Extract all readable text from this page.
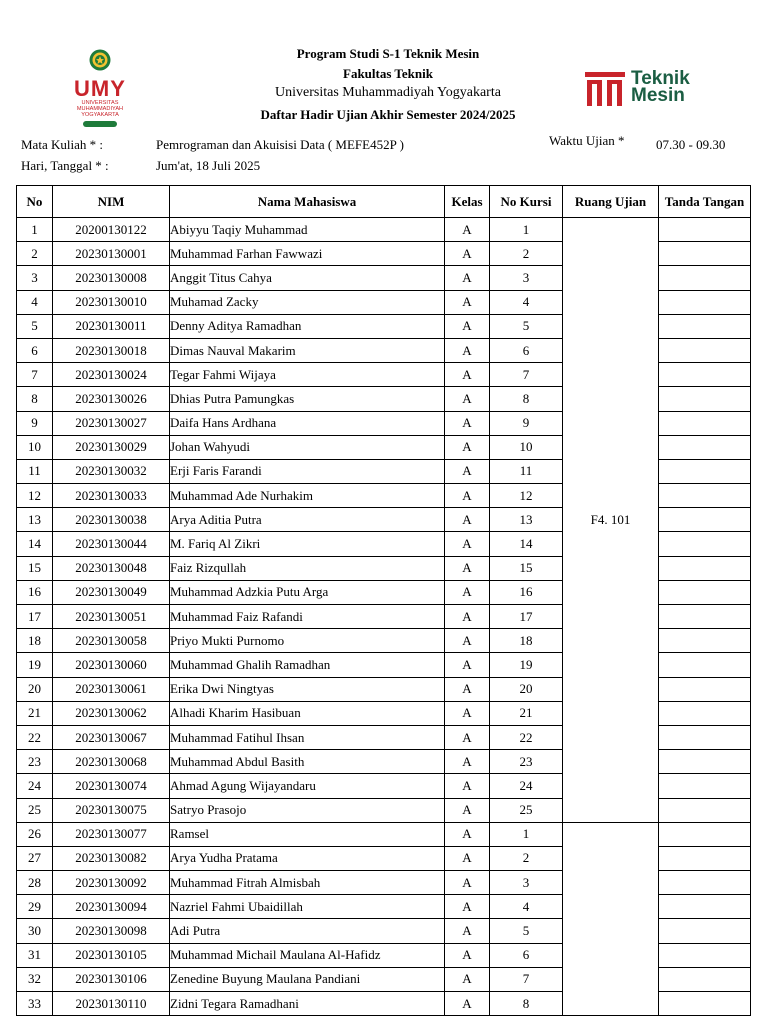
UMY
UNIVERSITAS
MUHAMMADIYAH
YOGYAKARTA
Program Studi S-1 Teknik Mesin
Fakultas Teknik
Universitas Muhammadiyah Yogyakarta
Daftar Hadir Ujian Akhir Semester 2024/2025
Teknik
Mesin
Mata Kuliah * :	Pemrograman dan Akuisisi Data ( MEFE452P )
Hari, Tanggal * :	Jum'at, 18 Juli 2025
Waktu Ujian * 07.30 - 09.30
No	NIM	Nama Mahasiswa	Kelas	No Kursi	Ruang Ujian	Tanda Tangan
1	20200130122	Abiyyu Taqiy Muhammad	A	1	F4. 101	
2	20230130001	Muhammad Farhan Fawwazi	A	2		
3	20230130008	Anggit Titus Cahya	A	3		
4	20230130010	Muhamad Zacky	A	4		
5	20230130011	Denny Aditya Ramadhan	A	5		
6	20230130018	Dimas Nauval Makarim	A	6		
7	20230130024	Tegar Fahmi Wijaya	A	7		
8	20230130026	Dhias Putra Pamungkas	A	8		
9	20230130027	Daifa Hans Ardhana	A	9		
10	20230130029	Johan Wahyudi	A	10		
11	20230130032	Erji Faris Farandi	A	11		
12	20230130033	Muhammad Ade Nurhakim	A	12		
13	20230130038	Arya Aditia Putra	A	13		
14	20230130044	M. Fariq Al Zikri	A	14		
15	20230130048	Faiz Rizqullah	A	15		
16	20230130049	Muhammad Adzkia Putu Arga	A	16		
17	20230130051	Muhammad Faiz Rafandi	A	17		
18	20230130058	Priyo Mukti Purnomo	A	18		
19	20230130060	Muhammad Ghalih Ramadhan	A	19		
20	20230130061	Erika Dwi Ningtyas	A	20		
21	20230130062	Alhadi Kharim Hasibuan	A	21		
22	20230130067	Muhammad Fatihul Ihsan	A	22		
23	20230130068	Muhammad Abdul Basith	A	23		
24	20230130074	Ahmad Agung Wijayandaru	A	24		
25	20230130075	Satryo Prasojo	A	25		
26	20230130077	Ramsel	A	1		
27	20230130082	Arya Yudha Pratama	A	2		
28	20230130092	Muhammad Fitrah Almisbah	A	3		
29	20230130094	Nazriel Fahmi Ubaidillah	A	4		
30	20230130098	Adi Putra	A	5		
31	20230130105	Muhammad Michail Maulana Al-Hafidz	A	6		
32	20230130106	Zenedine Buyung Maulana Pandiani	A	7		
33	20230130110	Zidni Tegara Ramadhani	A	8		
